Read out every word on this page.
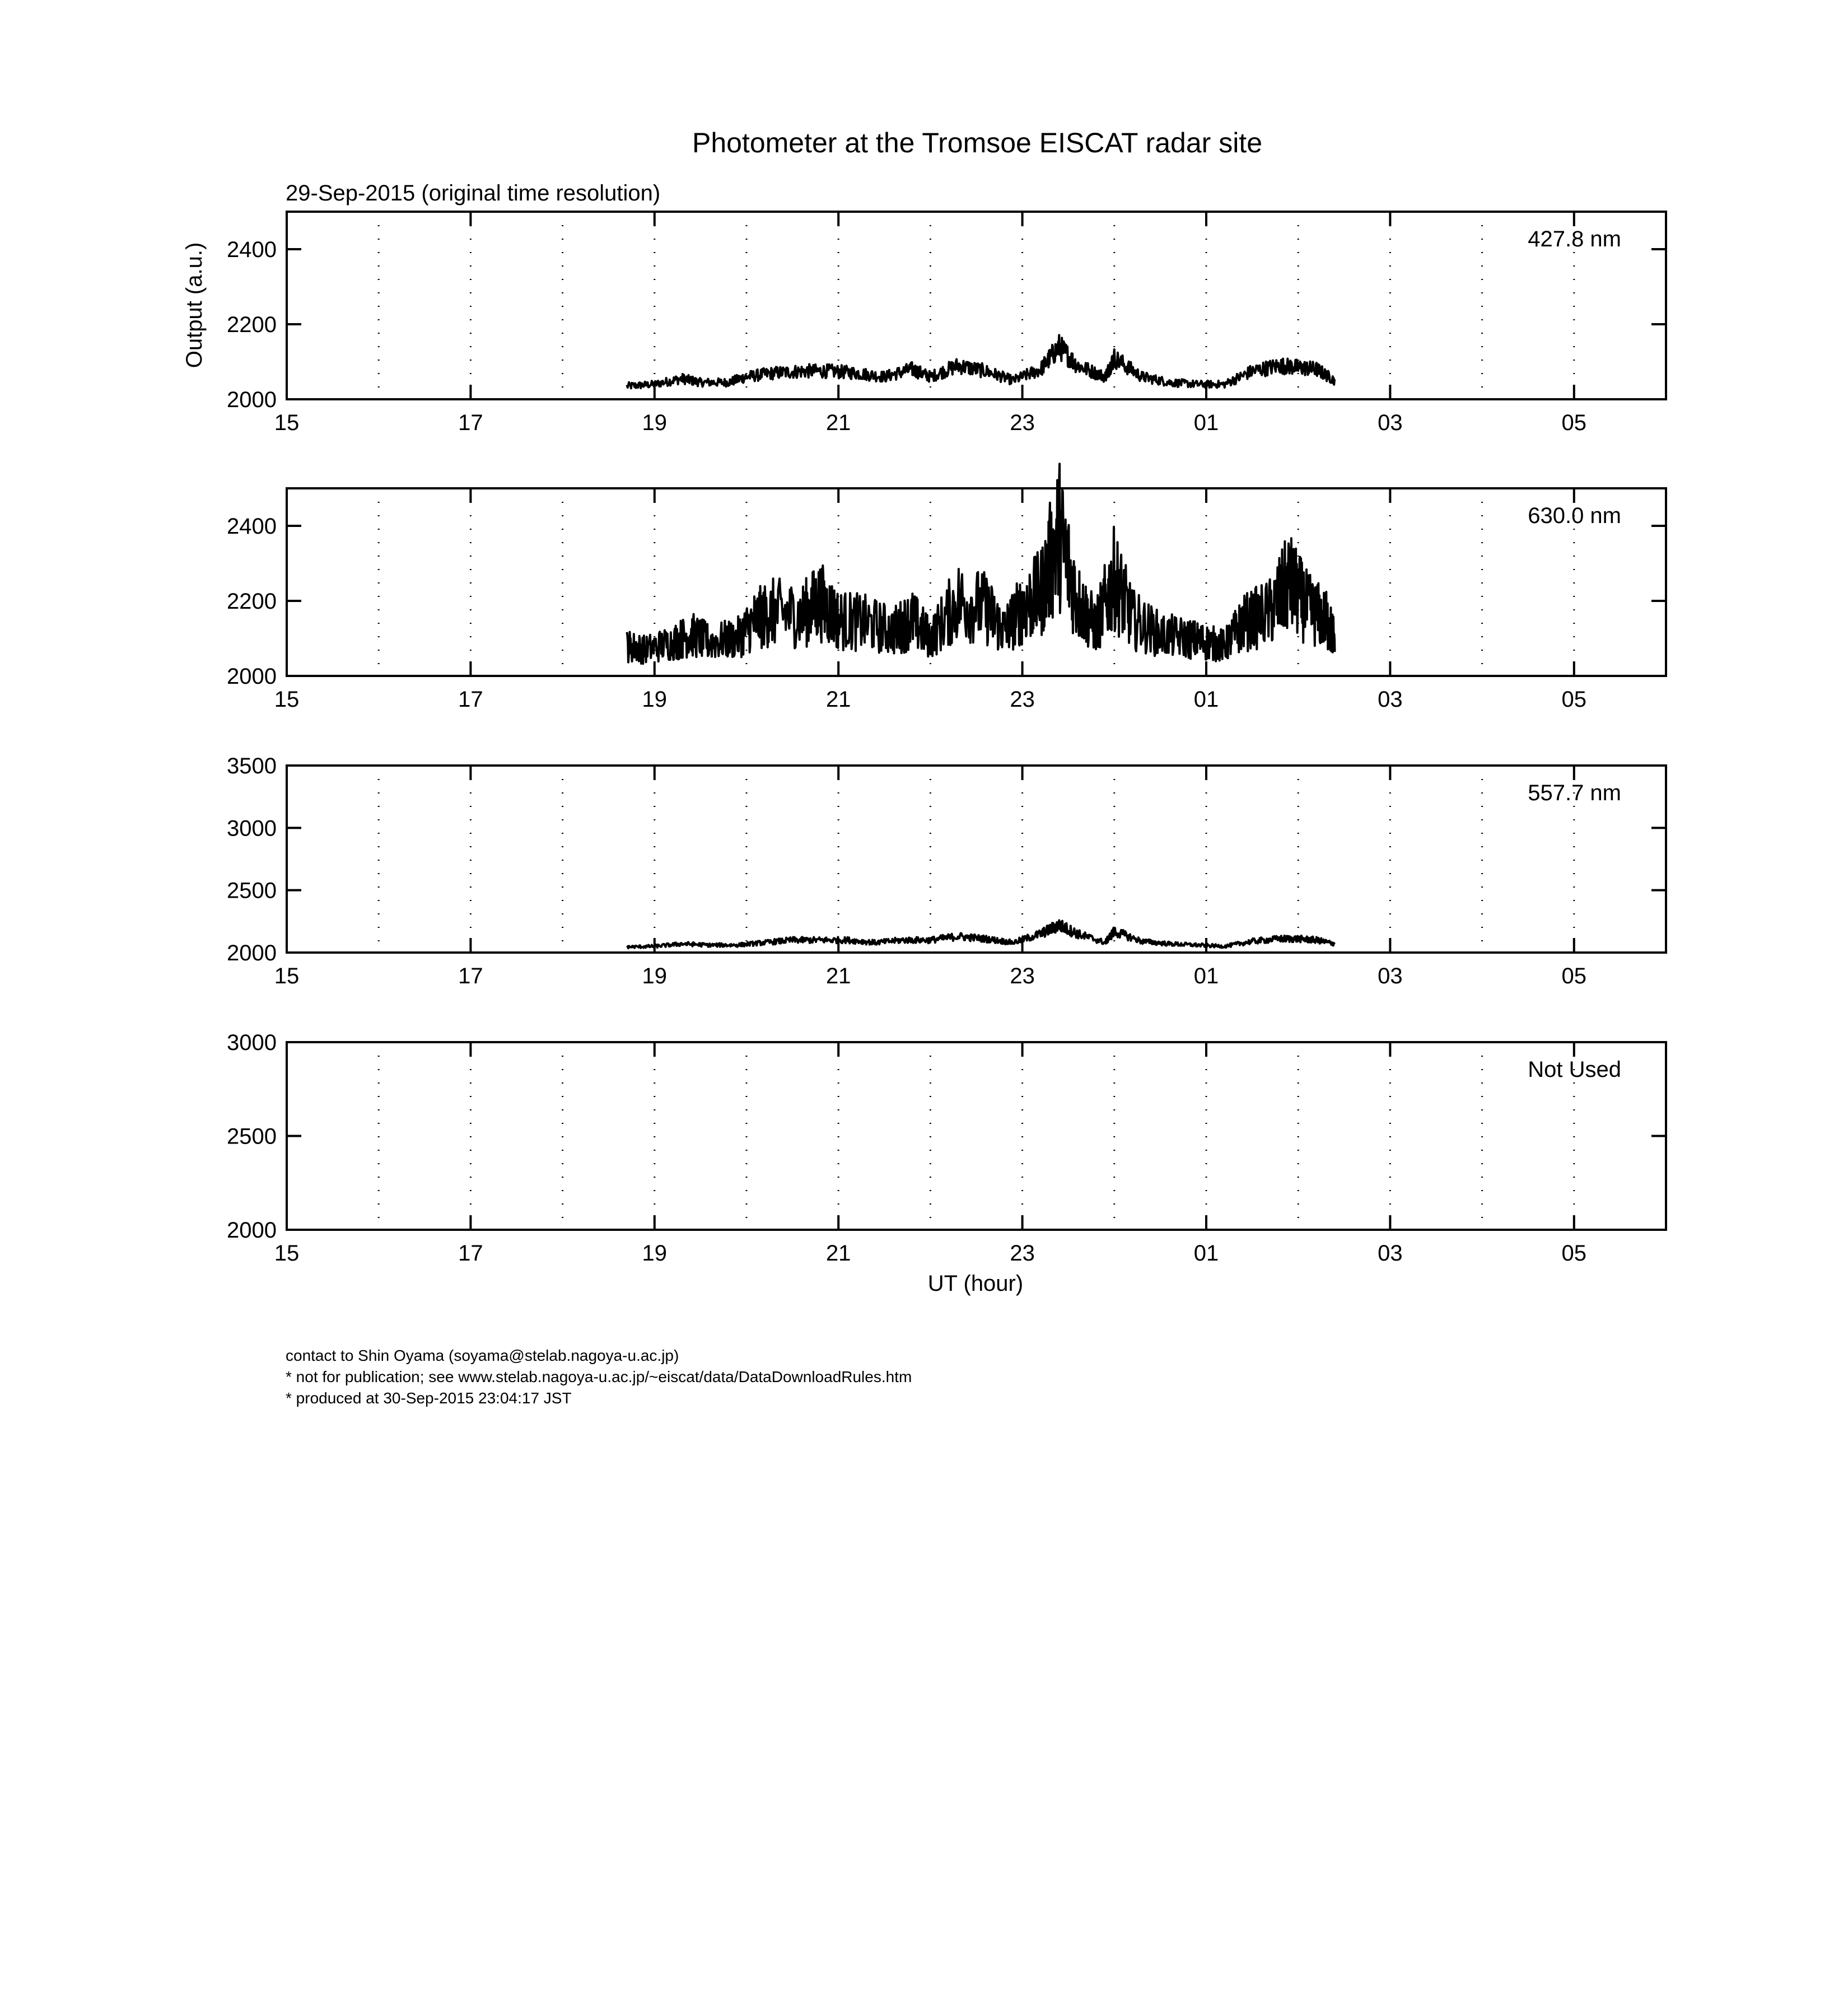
Photometer at the Tromsoe EISCAT radar site
29-Sep-2015 (original time resolution)
Output (a.u.)
UT (hour)
2000
2200
2400
15	17	19	21	23	01	03	05
427.8 nm
2000
2200
2400
15	17	19	21	23	01	03	05
630.0 nm
2000
2500
3000
3500
15	17	19	21	23	01	03	05
557.7 nm
2000
2500
3000
15	17	19	21	23	01	03	05
Not Used
contact to Shin Oyama (soyama@stelab.nagoya-u.ac.jp)
* not for publication; see www.stelab.nagoya-u.ac.jp/~eiscat/data/DataDownloadRules.htm
* produced at 30-Sep-2015 23:04:17 JST
